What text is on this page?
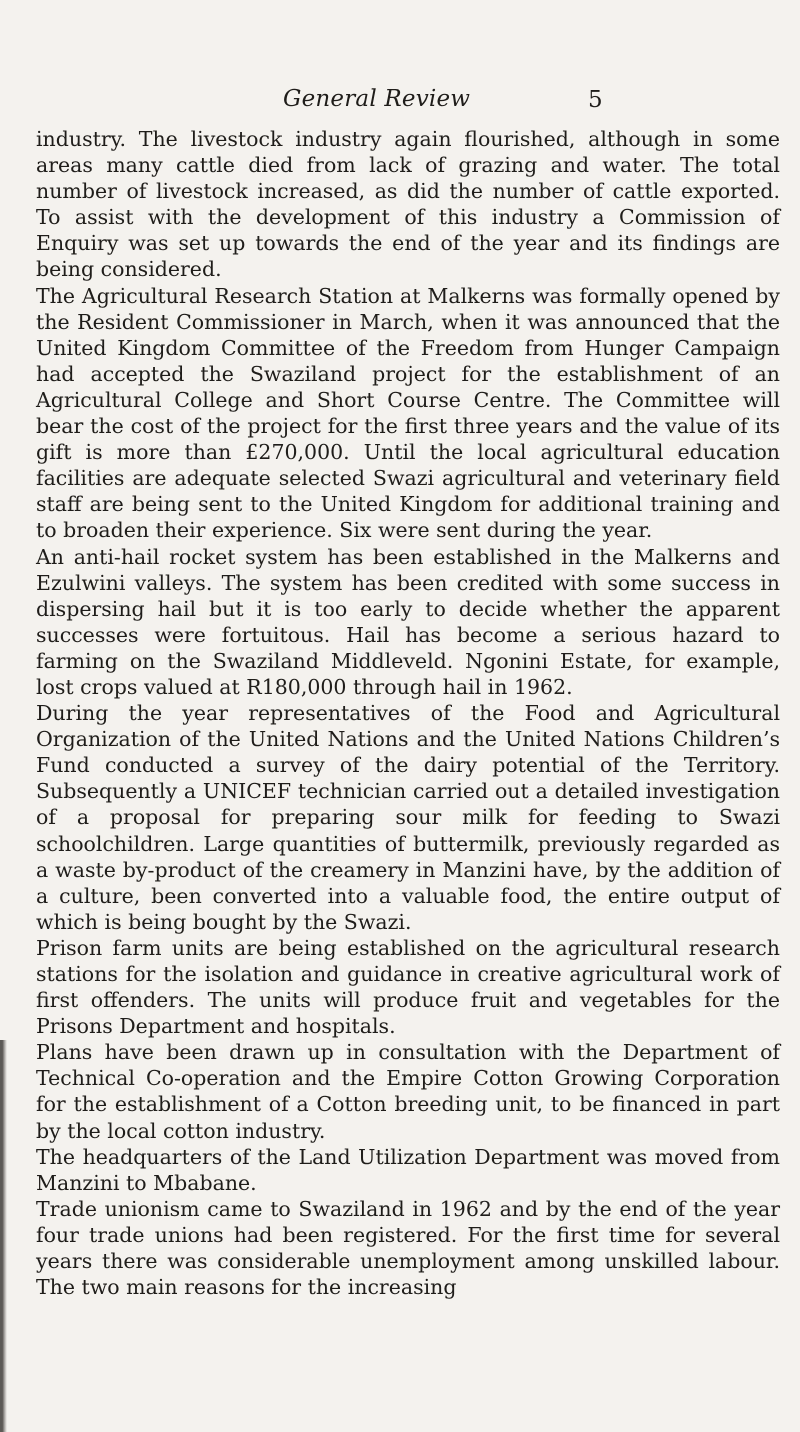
General Review	5

industry. The livestock industry again flourished, although in some areas many cattle died from lack of grazing and water. The total number of livestock increased, as did the number of cattle exported. To assist with the development of this industry a Commission of Enquiry was set up towards the end of the year and its findings are being considered.

The Agricultural Research Station at Malkerns was formally opened by the Resident Commissioner in March, when it was announced that the United Kingdom Committee of the Freedom from Hunger Campaign had accepted the Swaziland project for the establishment of an Agricultural College and Short Course Centre. The Committee will bear the cost of the project for the first three years and the value of its gift is more than £270,000. Until the local agricultural education facilities are adequate selected Swazi agricultural and veterinary field staff are being sent to the United Kingdom for additional training and to broaden their experience. Six were sent during the year.

An anti-hail rocket system has been established in the Malkerns and Ezulwini valleys. The system has been credited with some success in dispersing hail but it is too early to decide whether the apparent successes were fortuitous. Hail has become a serious hazard to farming on the Swaziland Middleveld. Ngonini Estate, for example, lost crops valued at R180,000 through hail in 1962.

During the year representatives of the Food and Agricultural Organization of the United Nations and the United Nations Children’s Fund conducted a survey of the dairy potential of the Territory. Subsequently a UNICEF technician carried out a detailed investigation of a proposal for preparing sour milk for feeding to Swazi schoolchildren. Large quantities of buttermilk, previously regarded as a waste by-product of the creamery in Manzini have, by the addition of a culture, been converted into a valuable food, the entire output of which is being bought by the Swazi.

Prison farm units are being established on the agricultural research stations for the isolation and guidance in creative agricultural work of first offenders. The units will produce fruit and vegetables for the Prisons Department and hospitals.

Plans have been drawn up in consultation with the Department of Technical Co-operation and the Empire Cotton Growing Corporation for the establishment of a Cotton breeding unit, to be financed in part by the local cotton industry.

The headquarters of the Land Utilization Department was moved from Manzini to Mbabane.

Trade unionism came to Swaziland in 1962 and by the end of the year four trade unions had been registered. For the first time for several years there was considerable unemployment among unskilled labour. The two main reasons for the increasing
